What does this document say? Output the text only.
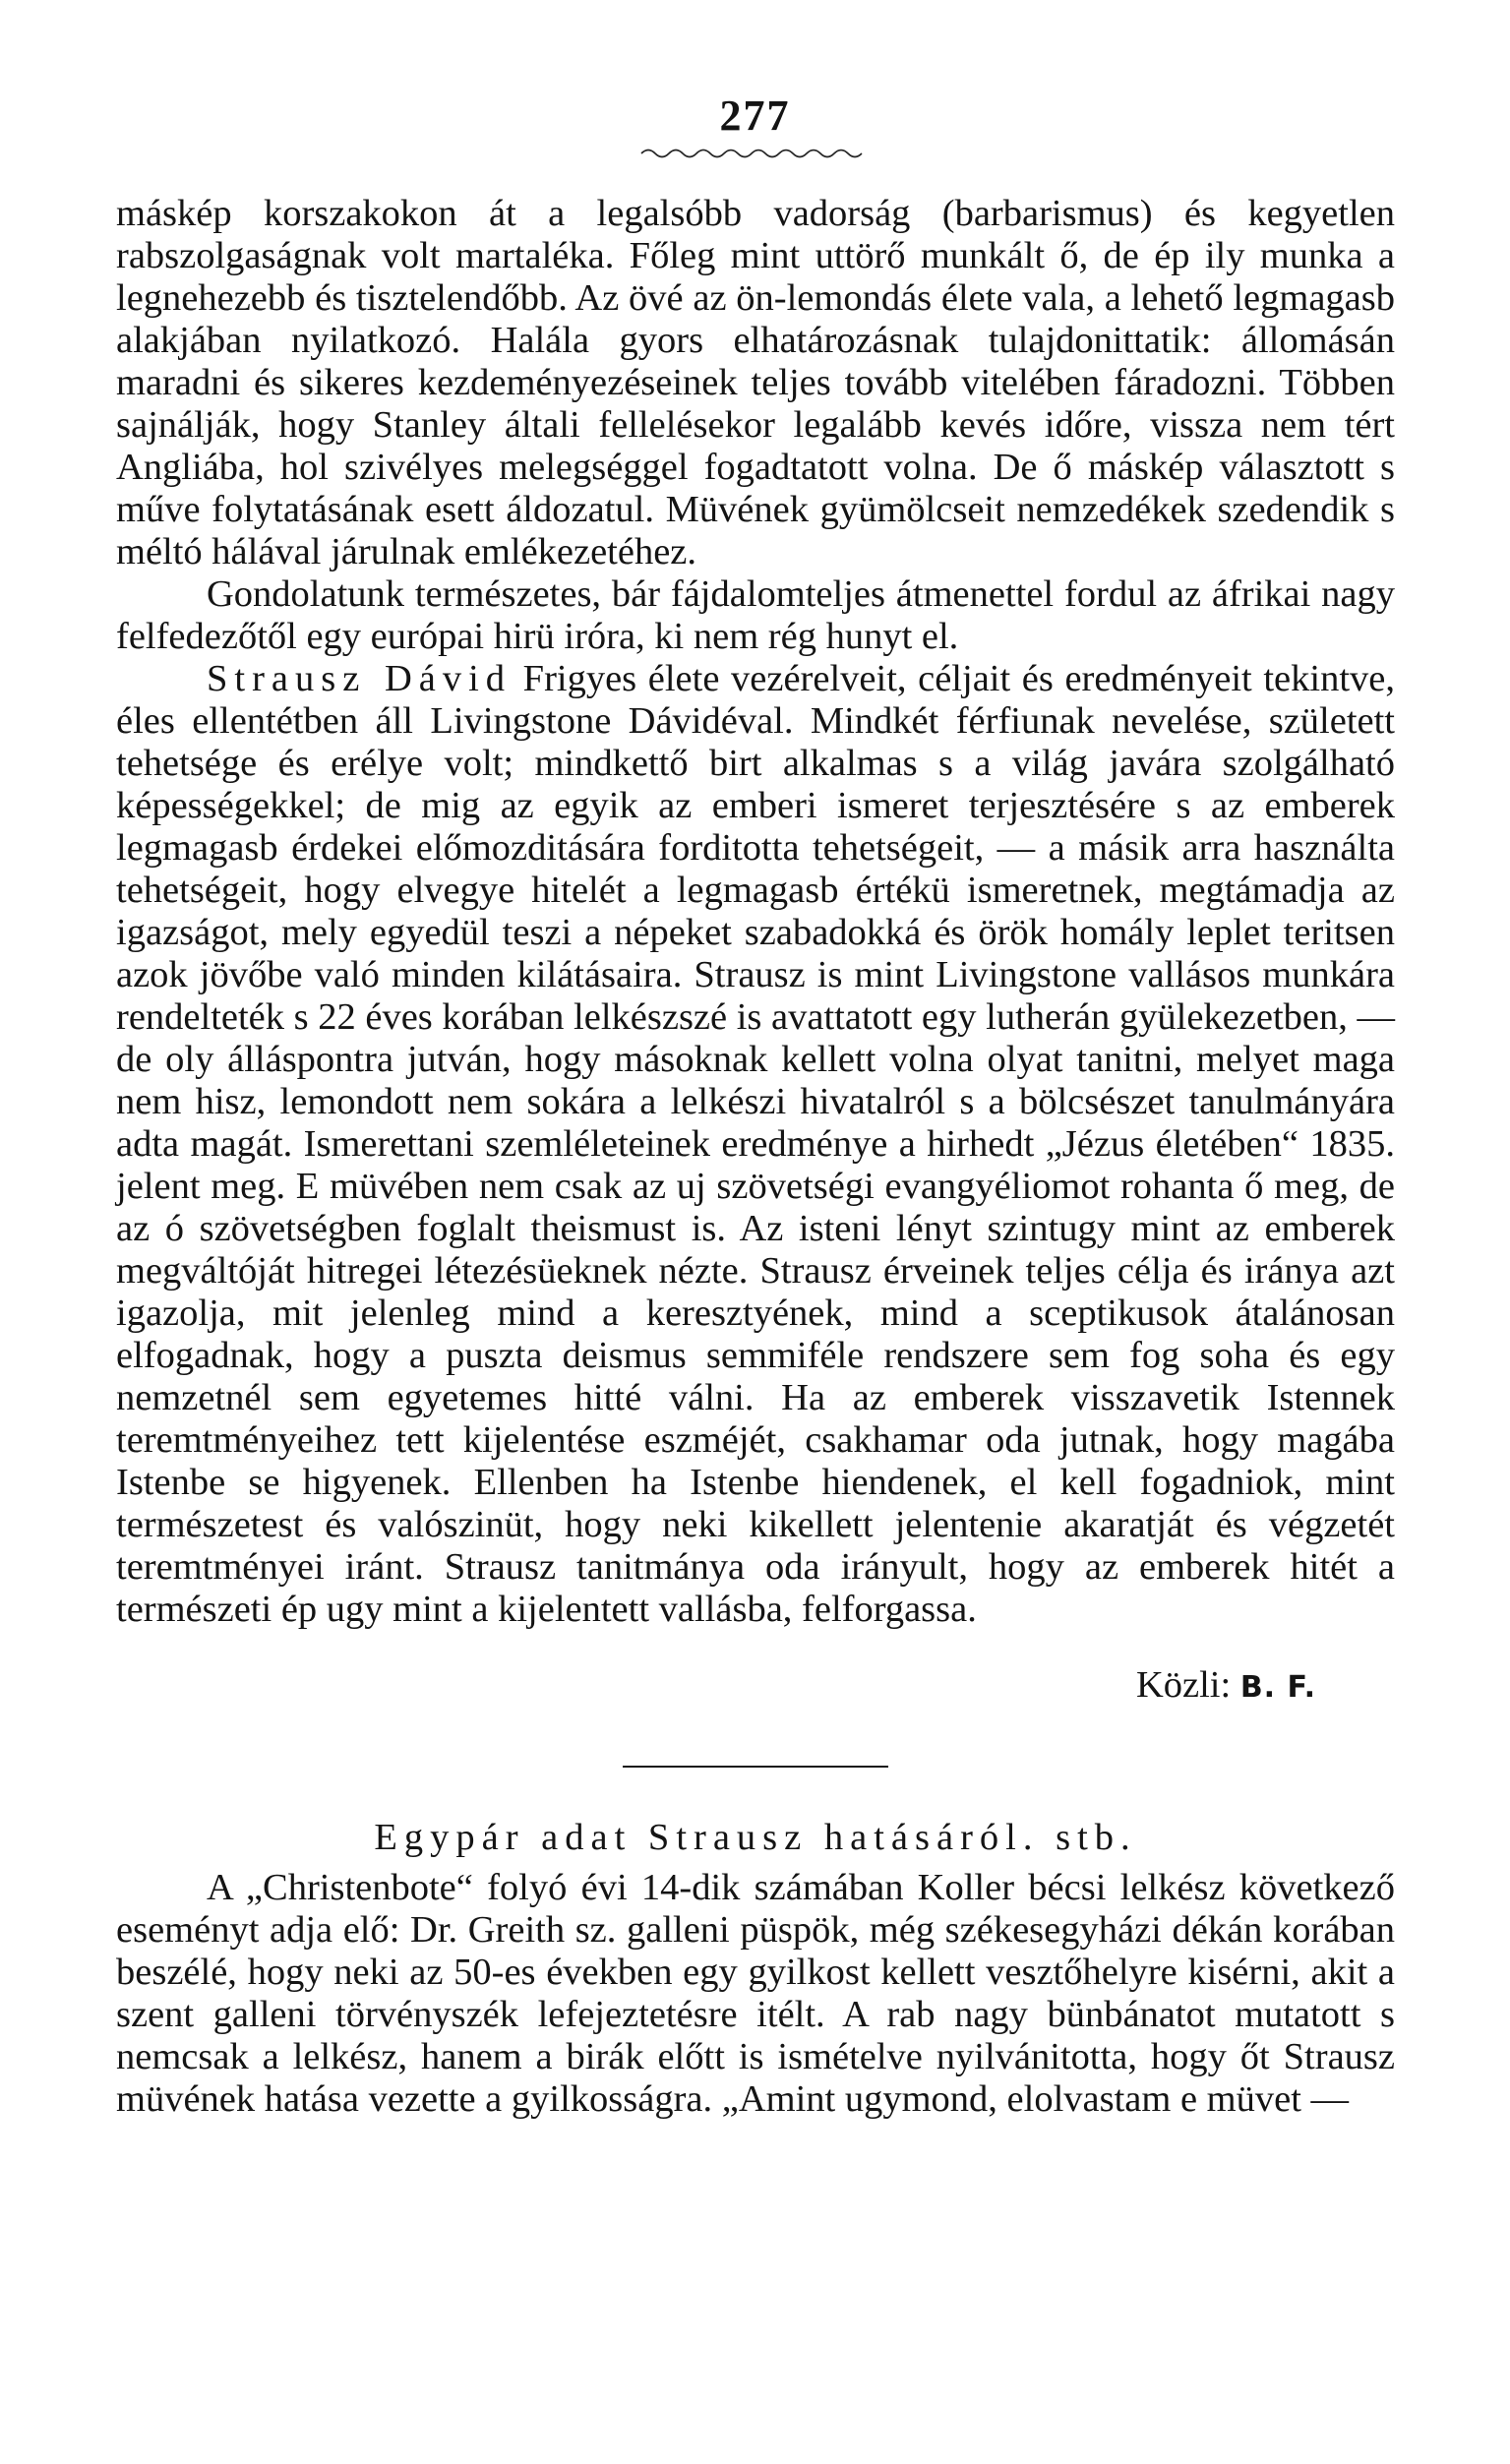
277

máskép korszakokon át a legalsóbb vadorság (barbarismus) és kegyetlen rabszolgaságnak volt martaléka. Főleg mint uttörő munkált ő, de ép ily munka a legnehezebb és tisztelendőbb. Az övé az ön-lemondás élete vala, a lehető legmagasb alakjában nyilatkozó. Halála gyors elhatározásnak tulajdonittatik: állomásán maradni és sikeres kezdeményezéseinek teljes tovább vitelében fáradozni. Többen sajnálják, hogy Stanley általi fellelésekor legalább kevés időre, vissza nem tért Angliába, hol szivélyes melegséggel fogadtatott volna. De ő máskép választott s műve folytatásának esett áldozatul. Müvének gyümölcseit nemzedékek szedendik s méltó hálával járulnak emlékezetéhez.

Gondolatunk természetes, bár fájdalomteljes átmenettel fordul az áfrikai nagy felfedezőtől egy európai hirü iróra, ki nem rég hunyt el.

Strausz Dávid Frigyes élete vezérelveit, céljait és eredményeit tekintve, éles ellentétben áll Livingstone Dávidéval. Mindkét férfiunak nevelése, született tehetsége és erélye volt; mindkettő birt alkalmas s a világ javára szolgálható képességekkel; de mig az egyik az emberi ismeret terjesztésére s az emberek legmagasb érdekei előmozditására forditotta tehetségeit, — a másik arra használta tehetségeit, hogy elvegye hitelét a legmagasb értékü ismeretnek, megtámadja az igazságot, mely egyedül teszi a népeket szabadokká és örök homály leplet teritsen azok jövőbe való minden kilátásaira. Strausz is mint Livingstone vallásos munkára rendelteték s 22 éves korában lelkészszé is avattatott egy lutherán gyülekezetben, — de oly álláspontra jutván, hogy másoknak kellett volna olyat tanitni, melyet maga nem hisz, lemondott nem sokára a lelkészi hivatalról s a bölcsészet tanulmányára adta magát. Ismerettani szemléleteinek eredménye a hirhedt „Jézus életében“ 1835. jelent meg. E müvében nem csak az uj szövetségi evangyéliomot rohanta ő meg, de az ó szövetségben foglalt theismust is. Az isteni lényt szintugy mint az emberek megváltóját hitregei létezésüeknek nézte. Strausz érveinek teljes célja és iránya azt igazolja, mit jelenleg mind a keresztyének, mind a sceptikusok átalánosan elfogadnak, hogy a puszta deismus semmiféle rendszere sem fog soha és egy nemzetnél sem egyetemes hitté válni. Ha az emberek visszavetik Istennek teremtményeihez tett kijelentése eszméjét, csakhamar oda jutnak, hogy magába Istenbe se higyenek. Ellenben ha Istenbe hiendenek, el kell fogadniok, mint természetest és valószinüt, hogy neki kikellett jelentenie akaratját és végzetét teremtményei iránt. Strausz tanitmánya oda irányult, hogy az emberek hitét a természeti ép ugy mint a kijelentett vallásba, felforgassa.

Közli: B. F.

Egypár adat Strausz hatásáról. stb.

A „Christenbote“ folyó évi 14-dik számában Koller bécsi lelkész következő eseményt adja elő: Dr. Greith sz. galleni püspök, még székesegyházi dékán korában beszélé, hogy neki az 50-es években egy gyilkost kellett vesztőhelyre kisérni, akit a szent galleni törvényszék lefejeztetésre itélt. A rab nagy bünbánatot mutatott s nemcsak a lelkész, hanem a birák előtt is ismételve nyilvánitotta, hogy őt Strausz müvének hatása vezette a gyilkosságra. „Amint ugymond, elolvastam e müvet —
